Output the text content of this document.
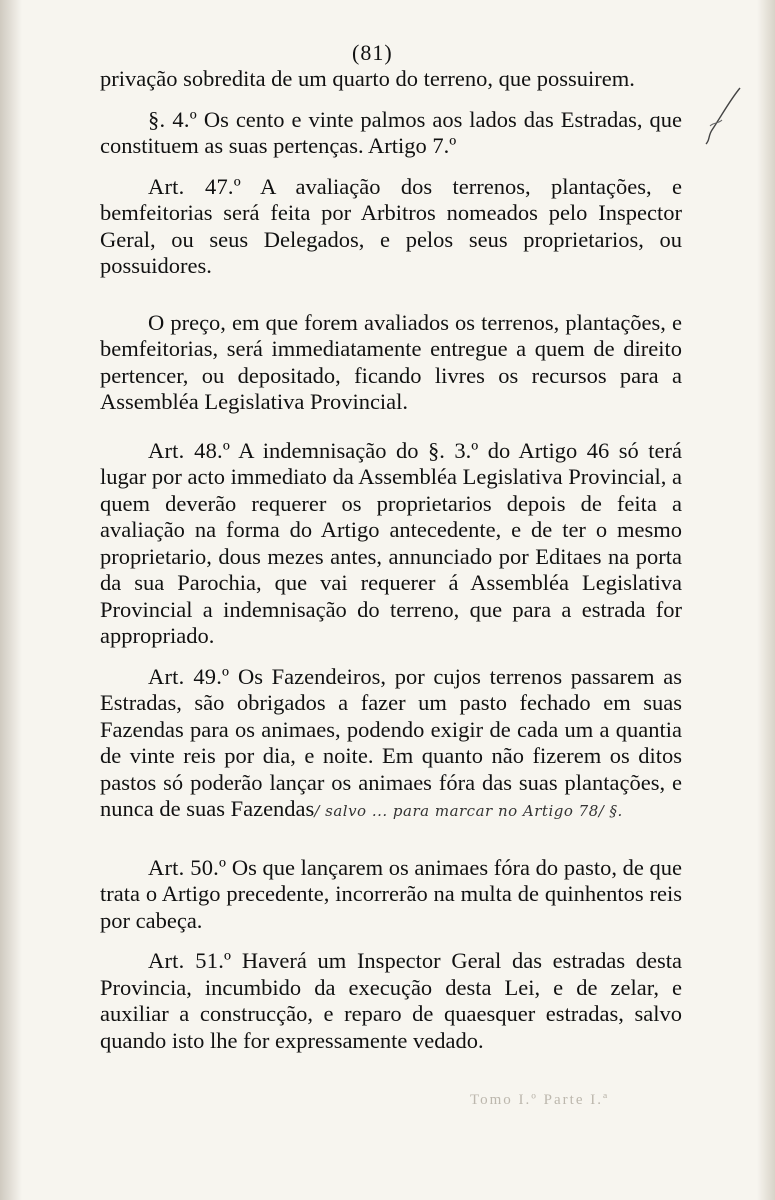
(81)

privação sobredita de um quarto do terreno, que possuirem.

§. 4.º Os cento e vinte palmos aos lados das Estradas, que constituem as suas pertenças. Artigo 7.º

Art. 47.º A avaliação dos terrenos, plantações, e bemfeitorias será feita por Arbitros nomeados pelo Inspector Geral, ou seus Delegados, e pelos seus proprietarios, ou possuidores.

O preço, em que forem avaliados os terrenos, plantações, e bemfeitorias, será immediatamente entregue a quem de direito pertencer, ou depositado, ficando livres os recursos para a Assembléa Legislativa Provincial.

Art. 48.º A indemnisação do §. 3.º do Artigo 46 só terá lugar por acto immediato da Assembléa Legislativa Provincial, a quem deverão requerer os proprietarios depois de feita a avaliação na forma do Artigo antecedente, e de ter o mesmo proprietario, dous mezes antes, annunciado por Editaes na porta da sua Parochia, que vai requerer á Assembléa Legislativa Provincial a indemnisação do terreno, que para a estrada for appropriado.

Art. 49.º Os Fazendeiros, por cujos terrenos passarem as Estradas, são obrigados a fazer um pasto fechado em suas Fazendas para os animaes, podendo exigir de cada um a quantia de vinte reis por dia, e noite. Em quanto não fizerem os ditos pastos só poderão lançar os animaes fóra das suas plantações, e nunca de suas Fazendas/ salvo ... para marcar no Artigo 78/ §.

Art. 50.º Os que lançarem os animaes fóra do pasto, de que trata o Artigo precedente, incorrerão na multa de quinhentos reis por cabeça.

Art. 51.º Haverá um Inspector Geral das estradas desta Provincia, incumbido da execução desta Lei, e de zelar, e auxiliar a construcção, e reparo de quaesquer estradas, salvo quando isto lhe for expressamente vedado.

Tomo I.º Parte I.ª
